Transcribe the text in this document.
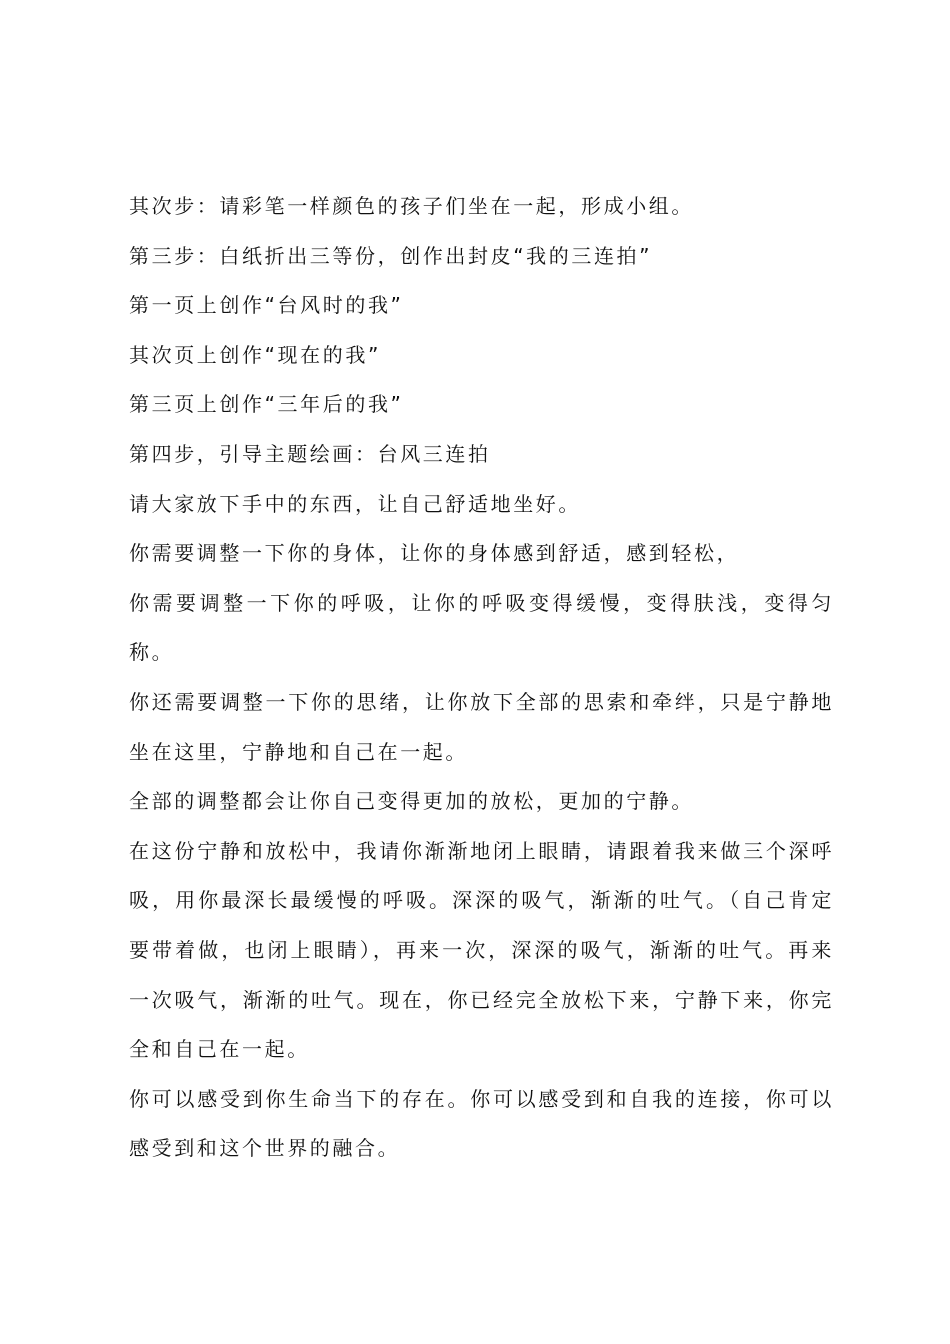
其次步：请彩笔一样颜色的孩子们坐在一起，形成小组。

第三步：白纸折出三等份，创作出封皮“我的三连拍”

第一页上创作“台风时的我”

其次页上创作“现在的我”

第三页上创作“三年后的我”

第四步，引导主题绘画：台风三连拍

请大家放下手中的东西，让自己舒适地坐好。

你需要调整一下你的身体，让你的身体感到舒适，感到轻松，

你需要调整一下你的呼吸，让你的呼吸变得缓慢，变得肤浅，变得匀称。

你还需要调整一下你的思绪，让你放下全部的思索和牵绊，只是宁静地坐在这里，宁静地和自己在一起。

全部的调整都会让你自己变得更加的放松，更加的宁静。

在这份宁静和放松中，我请你渐渐地闭上眼睛，请跟着我来做三个深呼吸，用你最深长最缓慢的呼吸。深深的吸气，渐渐的吐气。（自己肯定要带着做，也闭上眼睛），再来一次，深深的吸气，渐渐的吐气。再来一次吸气，渐渐的吐气。现在，你已经完全放松下来，宁静下来，你完全和自己在一起。

你可以感受到你生命当下的存在。你可以感受到和自我的连接，你可以感受到和这个世界的融合。
